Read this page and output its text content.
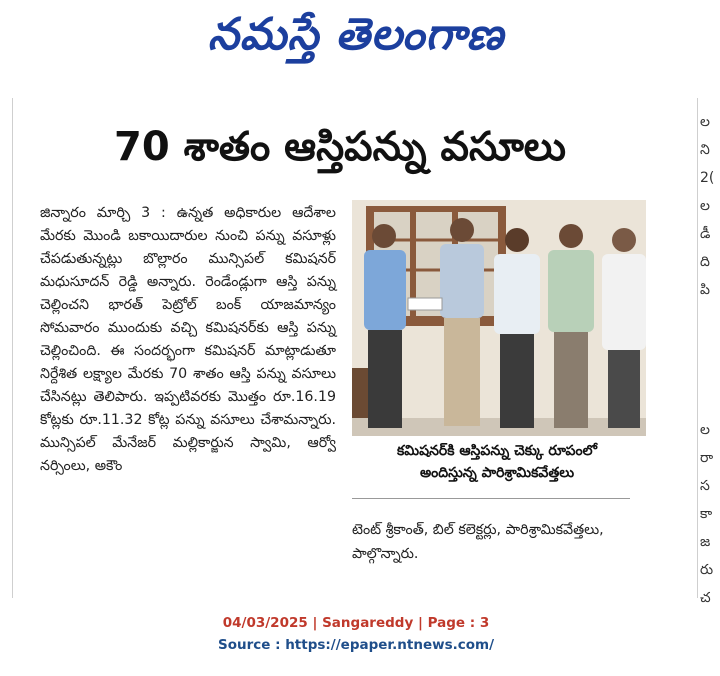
నమస్తే తెలంగాణ
70 శాతం ఆస్తిపన్ను వసూలు

జిన్నారం మార్చి 3 : ఉన్నత అధికారుల ఆదేశాల మేరకు మొండి బకాయిదారుల నుంచి పన్ను వసూళ్లు చేపడుతున్నట్లు బొల్లారం మున్సిపల్ కమిషనర్ మధుసూదన్ రెడ్డి అన్నారు. రెండేండ్లుగా ఆస్తి పన్ను చెల్లించని భారత్ పెట్రోల్ బంక్ యాజమాన్యం సోమవారం ముందుకు వచ్చి కమిషనర్‌కు ఆస్తి పన్ను చెల్లించింది. ఈ సందర్భంగా కమిషనర్ మాట్లాడుతూ నిర్దేశిత లక్ష్యాల మేరకు 70 శాతం ఆస్తి పన్ను వసూలు చేసినట్లు తెలిపారు. ఇప్పటివరకు మొత్తం రూ.16.19 కోట్లకు రూ.11.32 కోట్ల పన్ను వసూలు చేశామన్నారు. మున్సిపల్ మేనేజర్ మల్లికార్జున స్వామి, ఆర్వో నర్సింలు, అకౌం

కమిషనర్‌కి ఆస్తిపన్ను చెక్కు రూపంలో
అందిస్తున్న పారిశ్రామికవేత్తలు
టెంట్ శ్రీకాంత్, బిల్ కలెక్టర్లు, పారిశ్రామికవేత్తలు, పాల్గొన్నారు.
ల
ని
2(
ల
డీ
ది
పి
ల
రా
స
కా
జ
రు
చ
04/03/2025 | Sangareddy | Page : 3
Source : https://epaper.ntnews.com/
